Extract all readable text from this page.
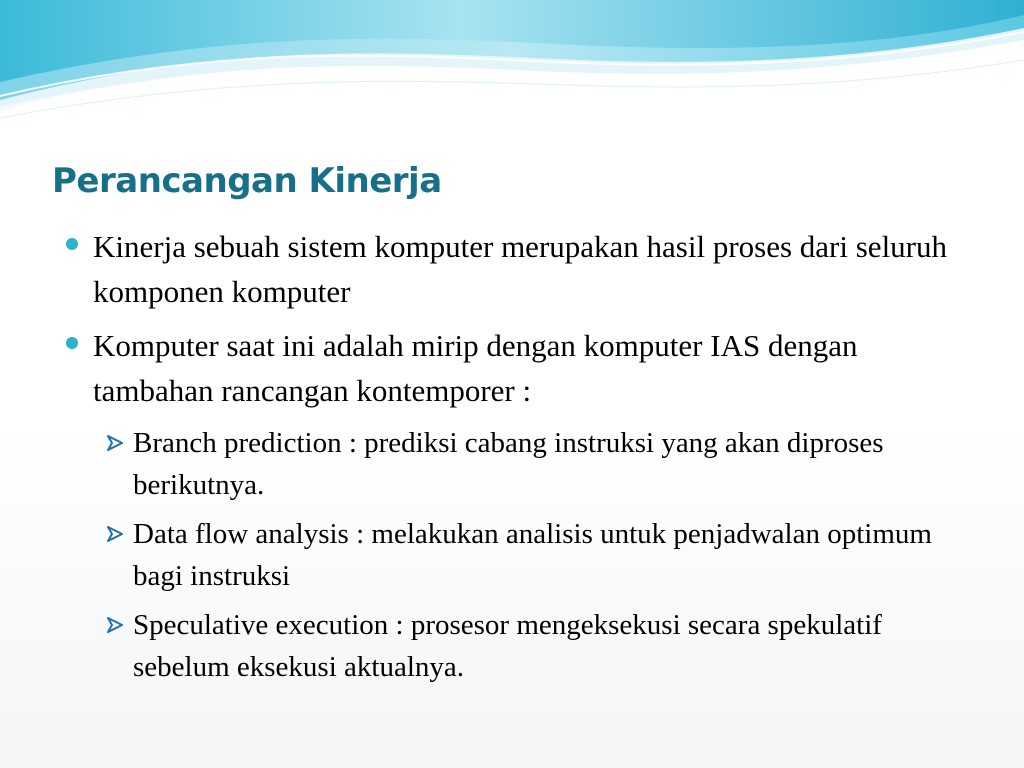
Perancangan Kinerja
Kinerja sebuah sistem komputer merupakan hasil proses dari seluruh komponen komputer
Komputer saat ini adalah mirip dengan komputer IAS dengan tambahan rancangan kontemporer :
Branch prediction : prediksi cabang instruksi yang akan diproses berikutnya.
Data flow analysis : melakukan analisis untuk penjadwalan optimum bagi instruksi
Speculative execution : prosesor mengeksekusi secara spekulatif sebelum eksekusi aktualnya.
